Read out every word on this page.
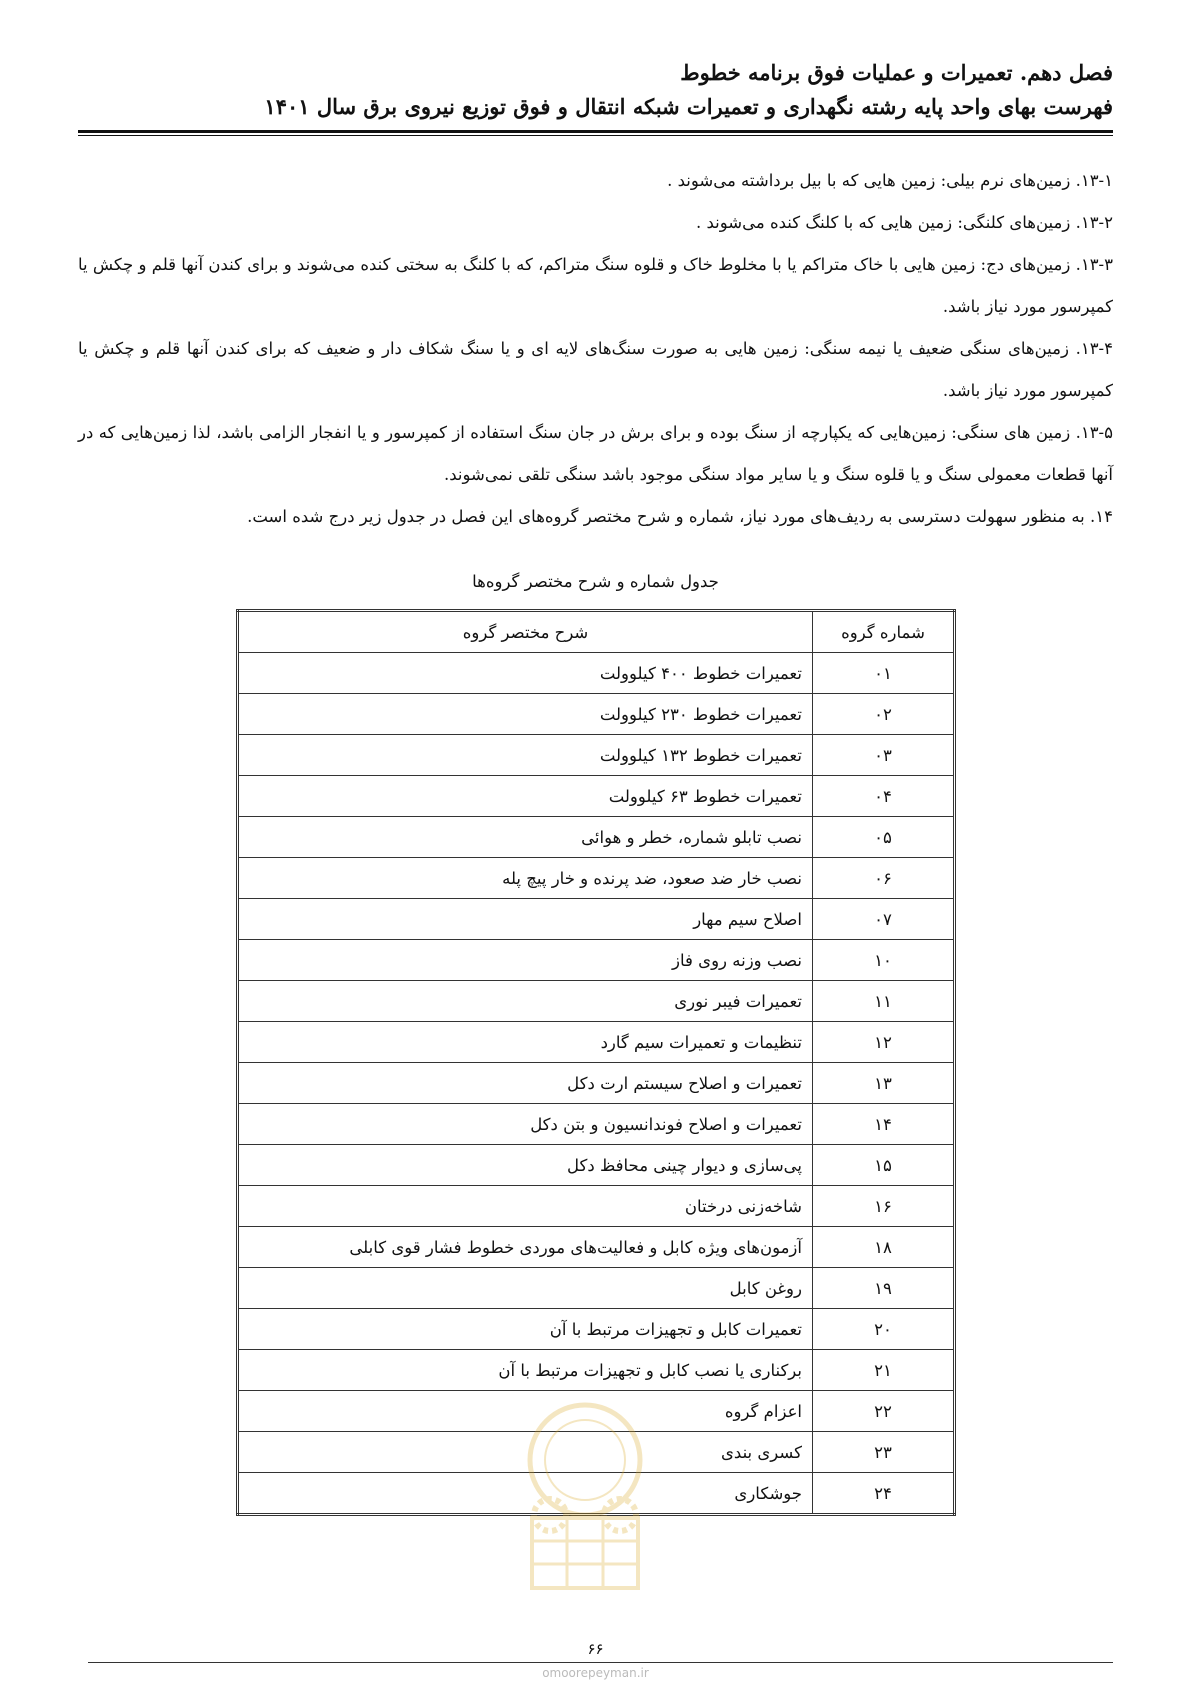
فصل دهم. تعمیرات و عملیات فوق برنامه خطوط
فهرست بهای واحد پایه رشته نگهداری و تعمیرات شبکه انتقال و فوق توزیع نیروی برق سال ۱۴۰۱

۱۳-۱. زمین‌های نرم بیلی: زمین هایی که با بیل برداشته می‌شوند .

۱۳-۲. زمین‌های کلنگی: زمین هایی که با کلنگ کنده می‌شوند .

۱۳-۳. زمین‌های دج: زمین هایی با خاک متراکم یا با مخلوط خاک و قلوه سنگ متراکم، که با کلنگ به سختی کنده می‌شوند و برای کندن آنها قلم و چکش یا کمپرسور مورد نیاز باشد.

۱۳-۴. زمین‌های سنگی ضعیف یا نیمه سنگی: زمین هایی به صورت سنگ‌های لایه ای و یا سنگ شکاف دار و ضعیف که برای کندن آنها قلم و چکش یا کمپرسور مورد نیاز باشد.

۱۳-۵. زمین های سنگی: زمین‌هایی که یکپارچه از سنگ بوده و برای برش در جان سنگ استفاده از کمپرسور و یا انفجار الزامی باشد، لذا زمین‌هایی که در آنها قطعات معمولی سنگ و یا قلوه سنگ و یا سایر مواد سنگی موجود باشد سنگی تلقی نمی‌شوند.

۱۴. به منظور سهولت دسترسی به ردیف‌های مورد نیاز، شماره و شرح مختصر گروه‌های این فصل در جدول زیر درج شده است.

جدول شماره و شرح مختصر گروه‌ها
شماره گروه	شرح مختصر گروه
۰۱	تعمیرات خطوط ۴۰۰ کیلوولت
۰۲	تعمیرات خطوط ۲۳۰ کیلوولت
۰۳	تعمیرات خطوط ۱۳۲ کیلوولت
۰۴	تعمیرات خطوط ۶۳ کیلوولت
۰۵	نصب تابلو شماره، خطر و هوائی
۰۶	نصب خار ضد صعود، ضد پرنده و خار پیچ پله
۰۷	اصلاح سیم مهار
۱۰	نصب وزنه روی فاز
۱۱	تعمیرات فیبر نوری
۱۲	تنظیمات و تعمیرات سیم گارد
۱۳	تعمیرات و اصلاح سیستم ارت دکل
۱۴	تعمیرات و اصلاح فوندانسیون و بتن دکل
۱۵	پی‌سازی و دیوار چینی محافظ دکل
۱۶	شاخه‌زنی درختان
۱۸	آزمون‌های ویژه کابل و فعالیت‌های موردی خطوط فشار قوی کابلی
۱۹	روغن کابل
۲۰	تعمیرات کابل و تجهیزات مرتبط با آن
۲۱	برکناری یا نصب کابل و تجهیزات مرتبط با آن
۲۲	اعزام گروه
۲۳	کسری بندی
۲۴	جوشکاری
۶۶
omoorepeyman.ir
